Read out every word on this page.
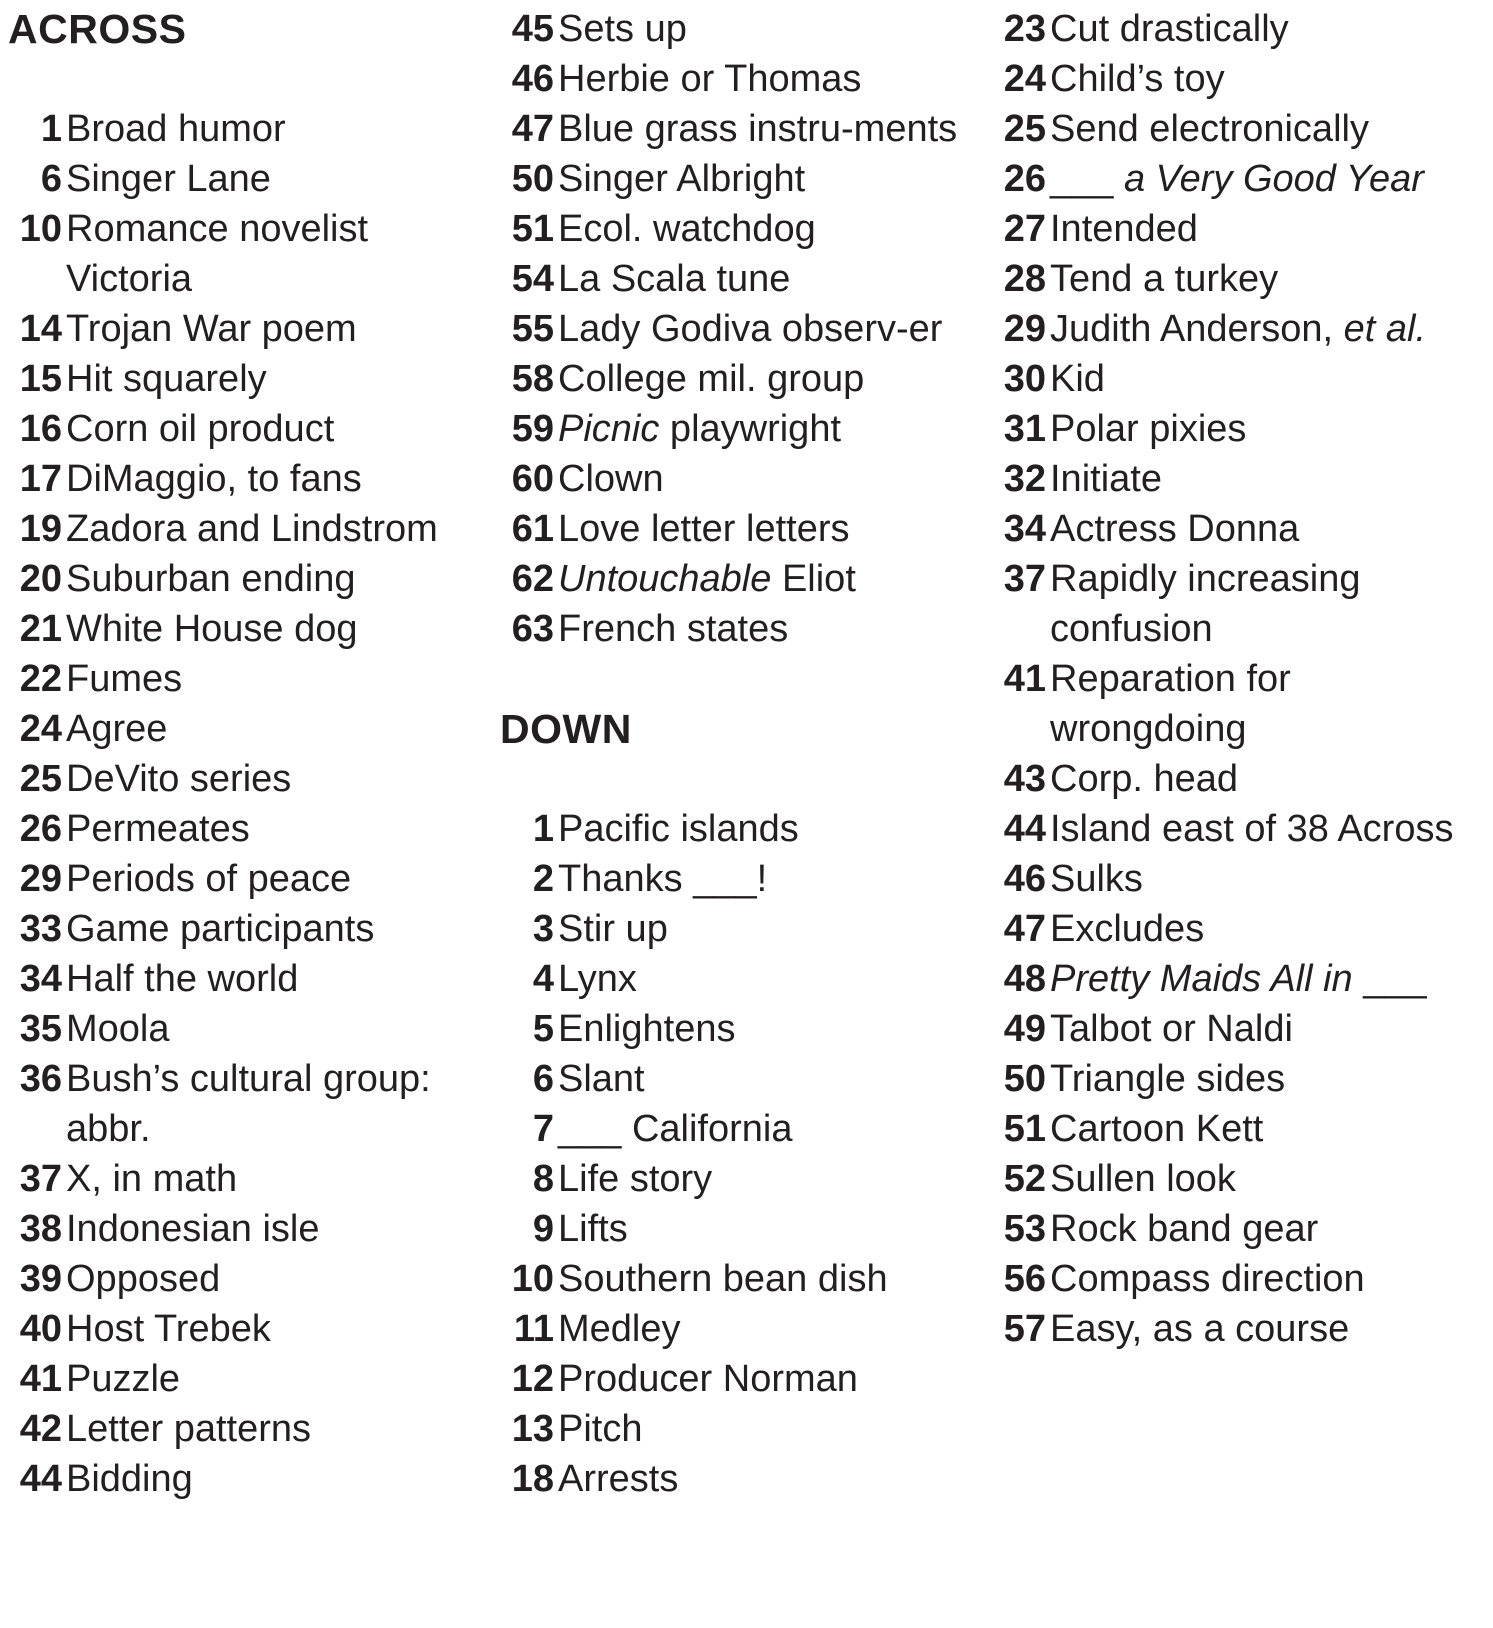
ACROSS
1 Broad humor
6 Singer Lane
10 Romance novelist Victoria
14 Trojan War poem
15 Hit squarely
16 Corn oil product
17 DiMaggio, to fans
19 Zadora and Lindstrom
20 Suburban ending
21 White House dog
22 Fumes
24 Agree
25 DeVito series
26 Permeates
29 Periods of peace
33 Game participants
34 Half the world
35 Moola
36 Bush’s cultural group: abbr.
37 X, in math
38 Indonesian isle
39 Opposed
40 Host Trebek
41 Puzzle
42 Letter patterns
44 Bidding
45 Sets up
46 Herbie or Thomas
47 Blue grass instru-ments
50 Singer Albright
51 Ecol. watchdog
54 La Scala tune
55 Lady Godiva observ-er
58 College mil. group
59 Picnic playwright
60 Clown
61 Love letter letters
62 Untouchable Eliot
63 French states
DOWN
1 Pacific islands
2 Thanks ___!
3 Stir up
4 Lynx
5 Enlightens
6 Slant
7 ___ California
8 Life story
9 Lifts
10 Southern bean dish
11 Medley
12 Producer Norman
13 Pitch
18 Arrests
23 Cut drastically
24 Child’s toy
25 Send electronically
26 ___ a Very Good Year
27 Intended
28 Tend a turkey
29 Judith Anderson, et al.
30 Kid
31 Polar pixies
32 Initiate
34 Actress Donna
37 Rapidly increasing confusion
41 Reparation for wrongdoing
43 Corp. head
44 Island east of 38 Across
46 Sulks
47 Excludes
48 Pretty Maids All in ___
49 Talbot or Naldi
50 Triangle sides
51 Cartoon Kett
52 Sullen look
53 Rock band gear
56 Compass direction
57 Easy, as a course
